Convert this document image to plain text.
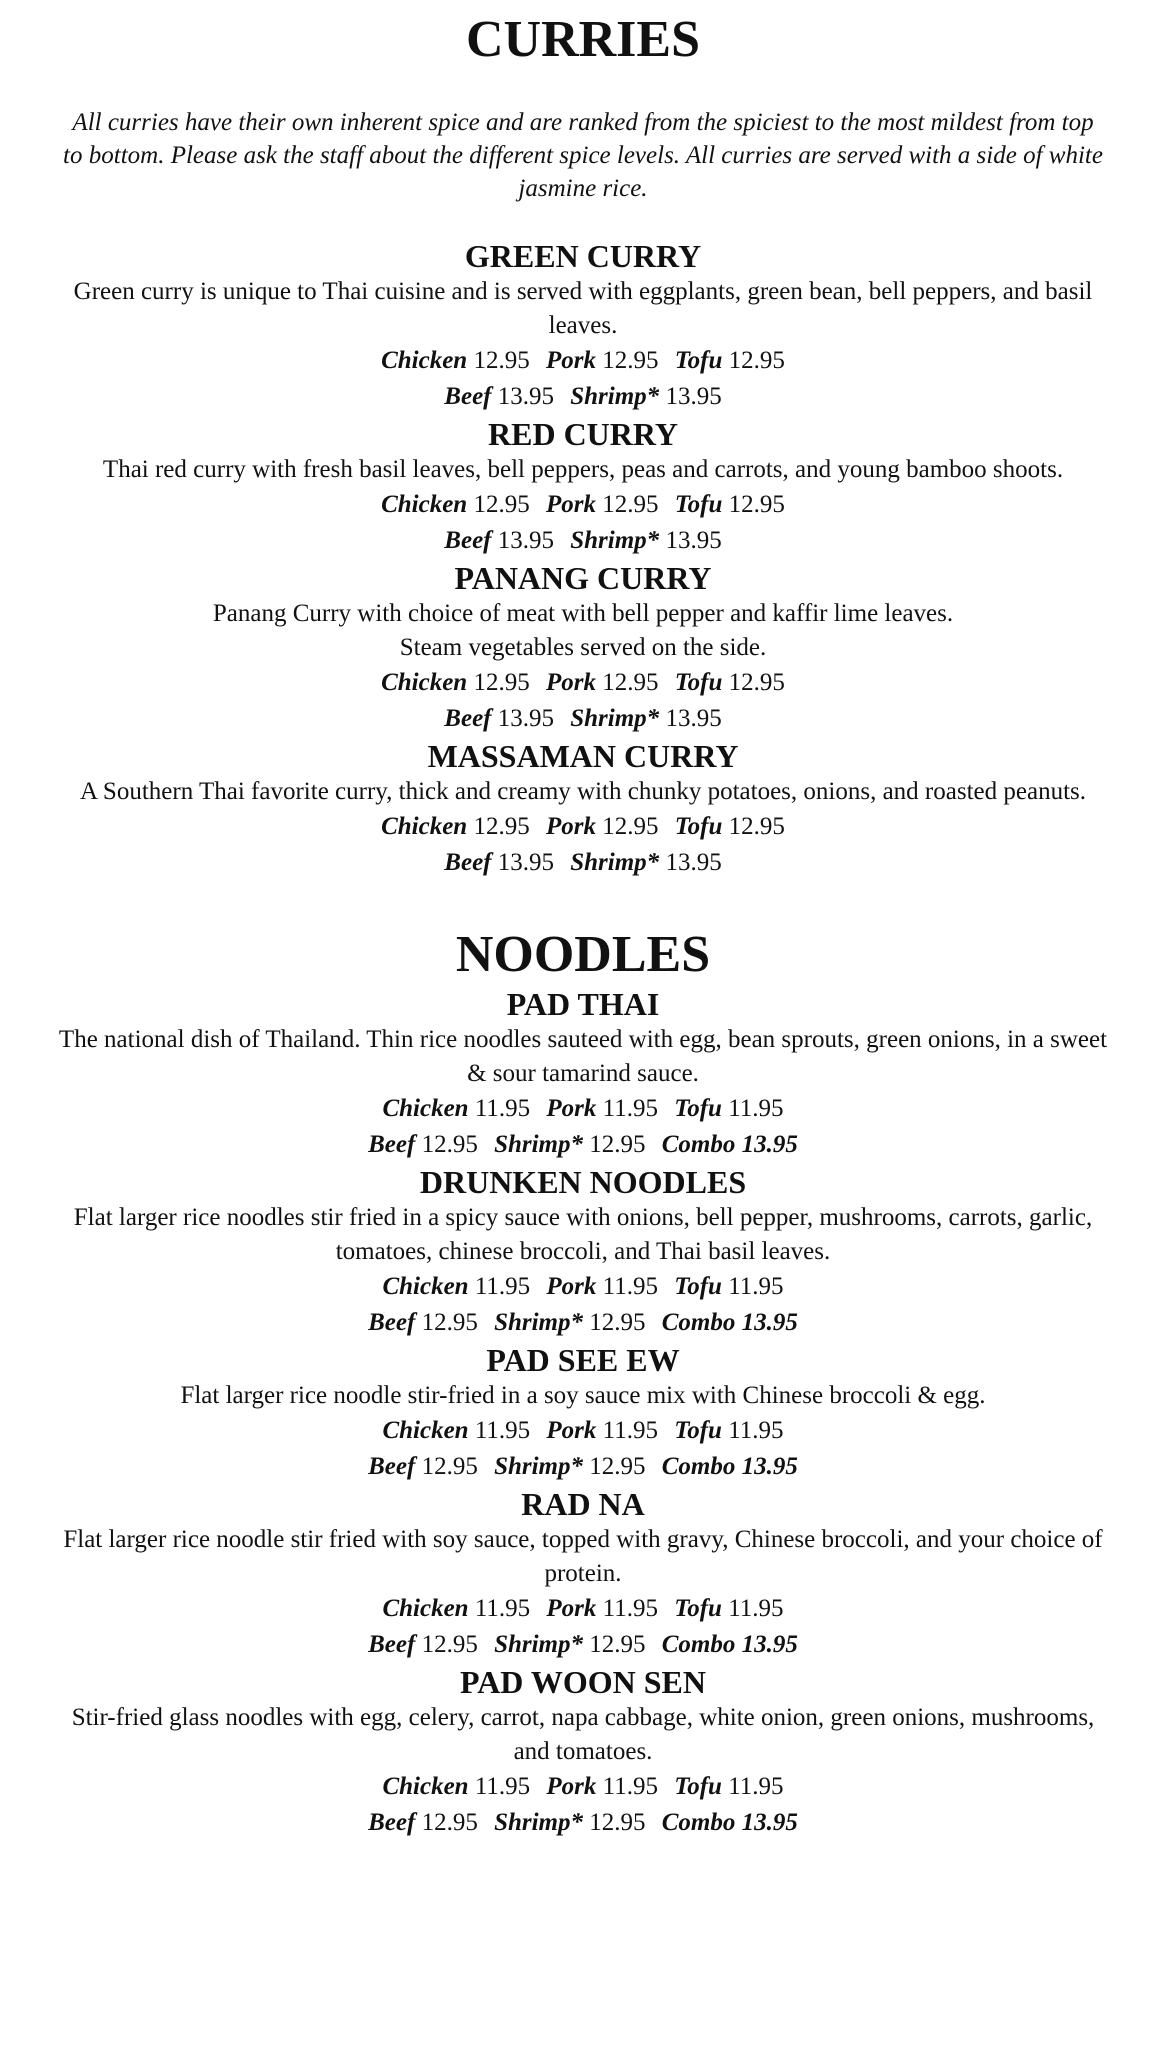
CURRIES

All curries have their own inherent spice and are ranked from the spiciest to the most mildest from top to bottom. Please ask the staff about the different spice levels. All curries are served with a side of white jasmine rice.

GREEN CURRY

Green curry is unique to Thai cuisine and is served with eggplants, green bean, bell peppers, and basil leaves.

Chicken 12.95 Pork 12.95 Tofu 12.95

Beef 13.95 Shrimp* 13.95

RED CURRY

Thai red curry with fresh basil leaves, bell peppers, peas and carrots, and young bamboo shoots.

Chicken 12.95 Pork 12.95 Tofu 12.95

Beef 13.95 Shrimp* 13.95

PANANG CURRY

Panang Curry with choice of meat with bell pepper and kaffir lime leaves.

Steam vegetables served on the side.

Chicken 12.95 Pork 12.95 Tofu 12.95

Beef 13.95 Shrimp* 13.95

MASSAMAN CURRY

A Southern Thai favorite curry, thick and creamy with chunky potatoes, onions, and roasted peanuts.

Chicken 12.95 Pork 12.95 Tofu 12.95

Beef 13.95 Shrimp* 13.95

NOODLES
PAD THAI

The national dish of Thailand. Thin rice noodles sauteed with egg, bean sprouts, green onions, in a sweet & sour tamarind sauce.

Chicken 11.95 Pork 11.95 Tofu 11.95

Beef 12.95 Shrimp* 12.95 Combo 13.95

DRUNKEN NOODLES

Flat larger rice noodles stir fried in a spicy sauce with onions, bell pepper, mushrooms, carrots, garlic, tomatoes, chinese broccoli, and Thai basil leaves.

Chicken 11.95 Pork 11.95 Tofu 11.95

Beef 12.95 Shrimp* 12.95 Combo 13.95

PAD SEE EW

Flat larger rice noodle stir-fried in a soy sauce mix with Chinese broccoli & egg.

Chicken 11.95 Pork 11.95 Tofu 11.95

Beef 12.95 Shrimp* 12.95 Combo 13.95

RAD NA

Flat larger rice noodle stir fried with soy sauce, topped with gravy, Chinese broccoli, and your choice of protein.

Chicken 11.95 Pork 11.95 Tofu 11.95

Beef 12.95 Shrimp* 12.95 Combo 13.95

PAD WOON SEN

Stir-fried glass noodles with egg, celery, carrot, napa cabbage, white onion, green onions, mushrooms, and tomatoes.

Chicken 11.95 Pork 11.95 Tofu 11.95

Beef 12.95 Shrimp* 12.95 Combo 13.95
